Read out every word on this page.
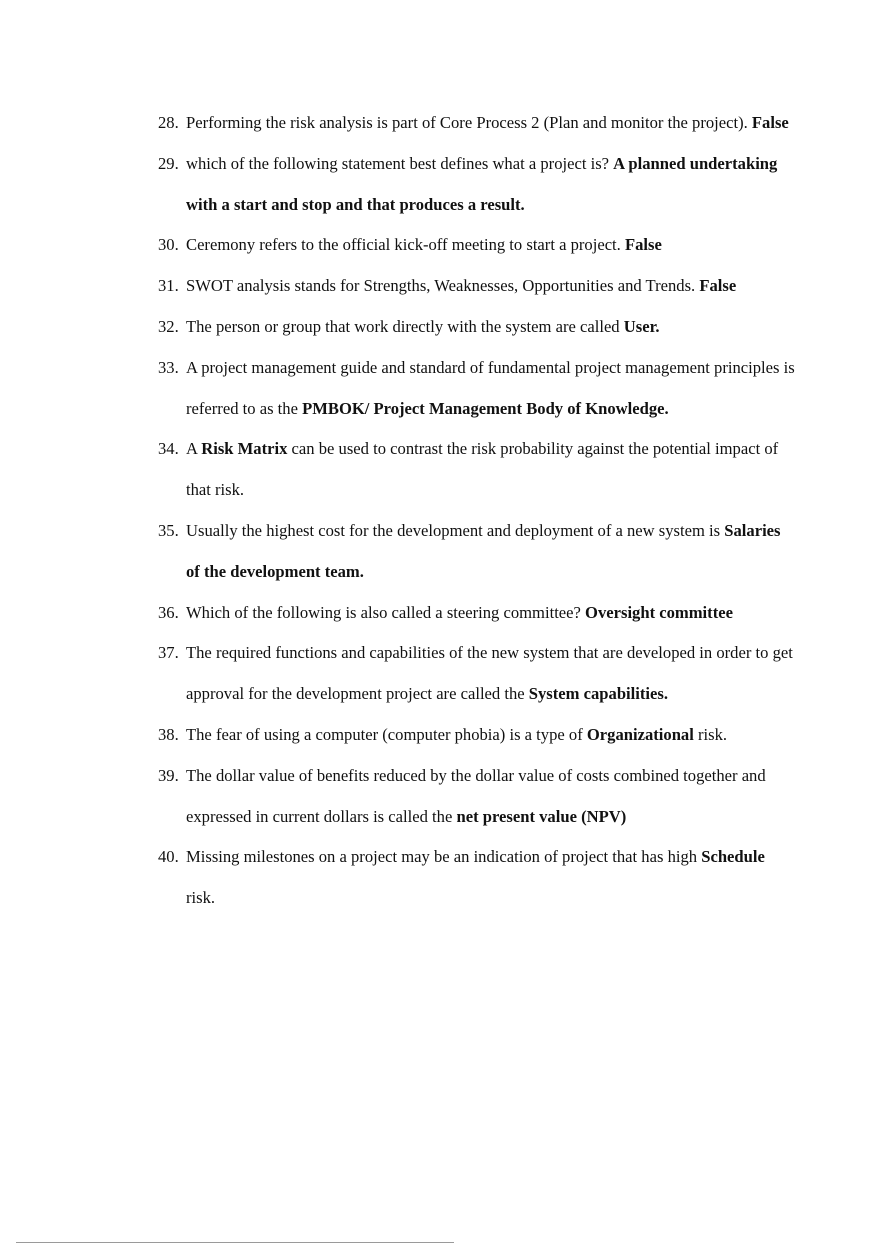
28. Performing the risk analysis is part of Core Process 2 (Plan and monitor the project). False
29. which of the following statement best defines what a project is? A planned undertaking with a start and stop and that produces a result.
30. Ceremony refers to the official kick-off meeting to start a project. False
31. SWOT analysis stands for Strengths, Weaknesses, Opportunities and Trends. False
32. The person or group that work directly with the system are called User.
33. A project management guide and standard of fundamental project management principles is referred to as the PMBOK/ Project Management Body of Knowledge.
34. A Risk Matrix can be used to contrast the risk probability against the potential impact of that risk.
35. Usually the highest cost for the development and deployment of a new system is Salaries of the development team.
36. Which of the following is also called a steering committee? Oversight committee
37. The required functions and capabilities of the new system that are developed in order to get approval for the development project are called the System capabilities.
38. The fear of using a computer (computer phobia) is a type of Organizational risk.
39. The dollar value of benefits reduced by the dollar value of costs combined together and expressed in current dollars is called the net present value (NPV)
40. Missing milestones on a project may be an indication of project that has high Schedule risk.
